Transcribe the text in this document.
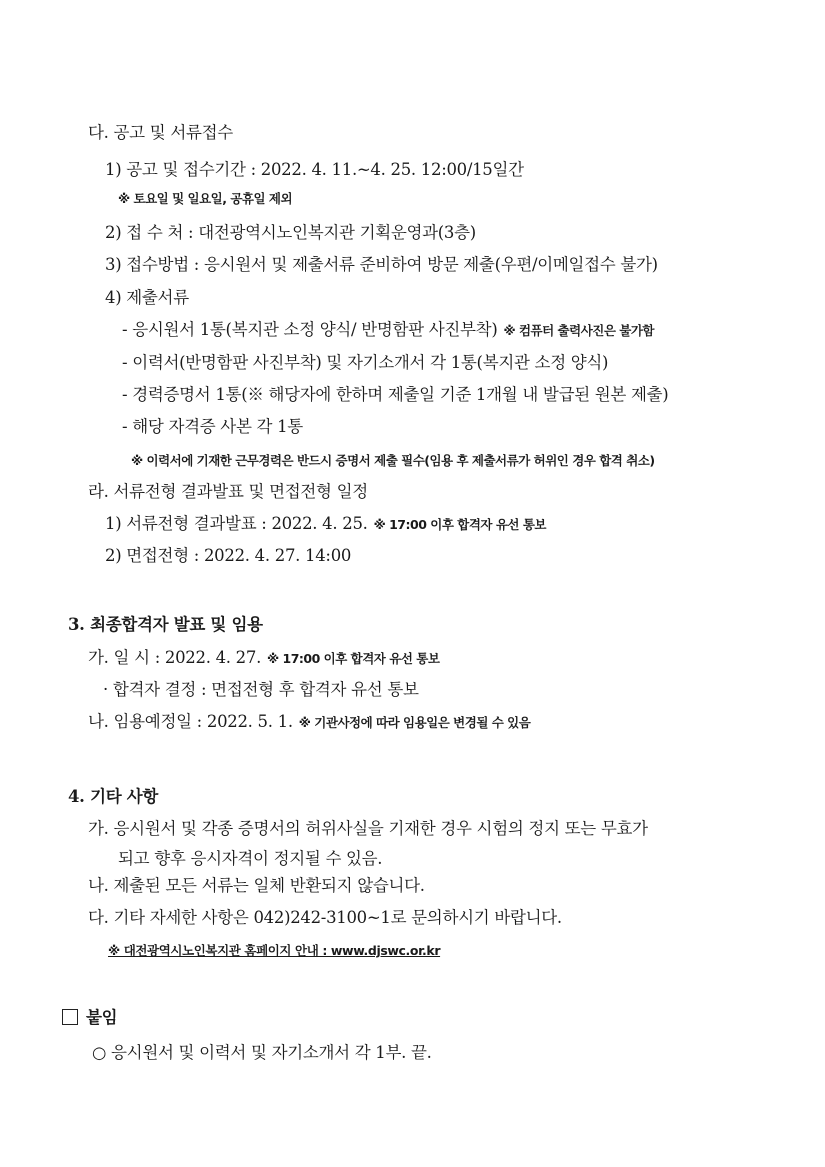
다. 공고 및 서류접수
1) 공고 및 접수기간 : 2022. 4. 11.~4. 25. 12:00/15일간
※ 토요일 및 일요일, 공휴일 제외
2) 접 수 처 : 대전광역시노인복지관 기획운영과(3층)
3) 접수방법 : 응시원서 및 제출서류 준비하여 방문 제출(우편/이메일접수 불가)
4) 제출서류
- 응시원서 1통(복지관 소정 양식/ 반명함판 사진부착) ※ 컴퓨터 출력사진은 불가함
- 이력서(반명함판 사진부착) 및 자기소개서 각 1통(복지관 소정 양식)
- 경력증명서 1통(※ 해당자에 한하며 제출일 기준 1개월 내 발급된 원본 제출)
- 해당 자격증 사본 각 1통
※ 이력서에 기재한 근무경력은 반드시 증명서 제출 필수(임용 후 제출서류가 허위인 경우 합격 취소)
라. 서류전형 결과발표 및 면접전형 일정
1) 서류전형 결과발표 : 2022. 4. 25. ※ 17:00 이후 합격자 유선 통보
2) 면접전형 : 2022. 4. 27. 14:00
3. 최종합격자 발표 및 임용
가. 일 시 : 2022. 4. 27. ※ 17:00 이후 합격자 유선 통보
· 합격자 결정 : 면접전형 후 합격자 유선 통보
나. 임용예정일 : 2022. 5. 1. ※ 기관사정에 따라 임용일은 변경될 수 있음
4. 기타 사항
가. 응시원서 및 각종 증명서의 허위사실을 기재한 경우 시험의 정지 또는 무효가
되고 향후 응시자격이 정지될 수 있음.
나. 제출된 모든 서류는 일체 반환되지 않습니다.
다. 기타 자세한 사항은 042)242-3100~1로 문의하시기 바랍니다.
※ 대전광역시노인복지관 홈페이지 안내 : www.djswc.or.kr
붙임
○ 응시원서 및 이력서 및 자기소개서 각 1부. 끝.
